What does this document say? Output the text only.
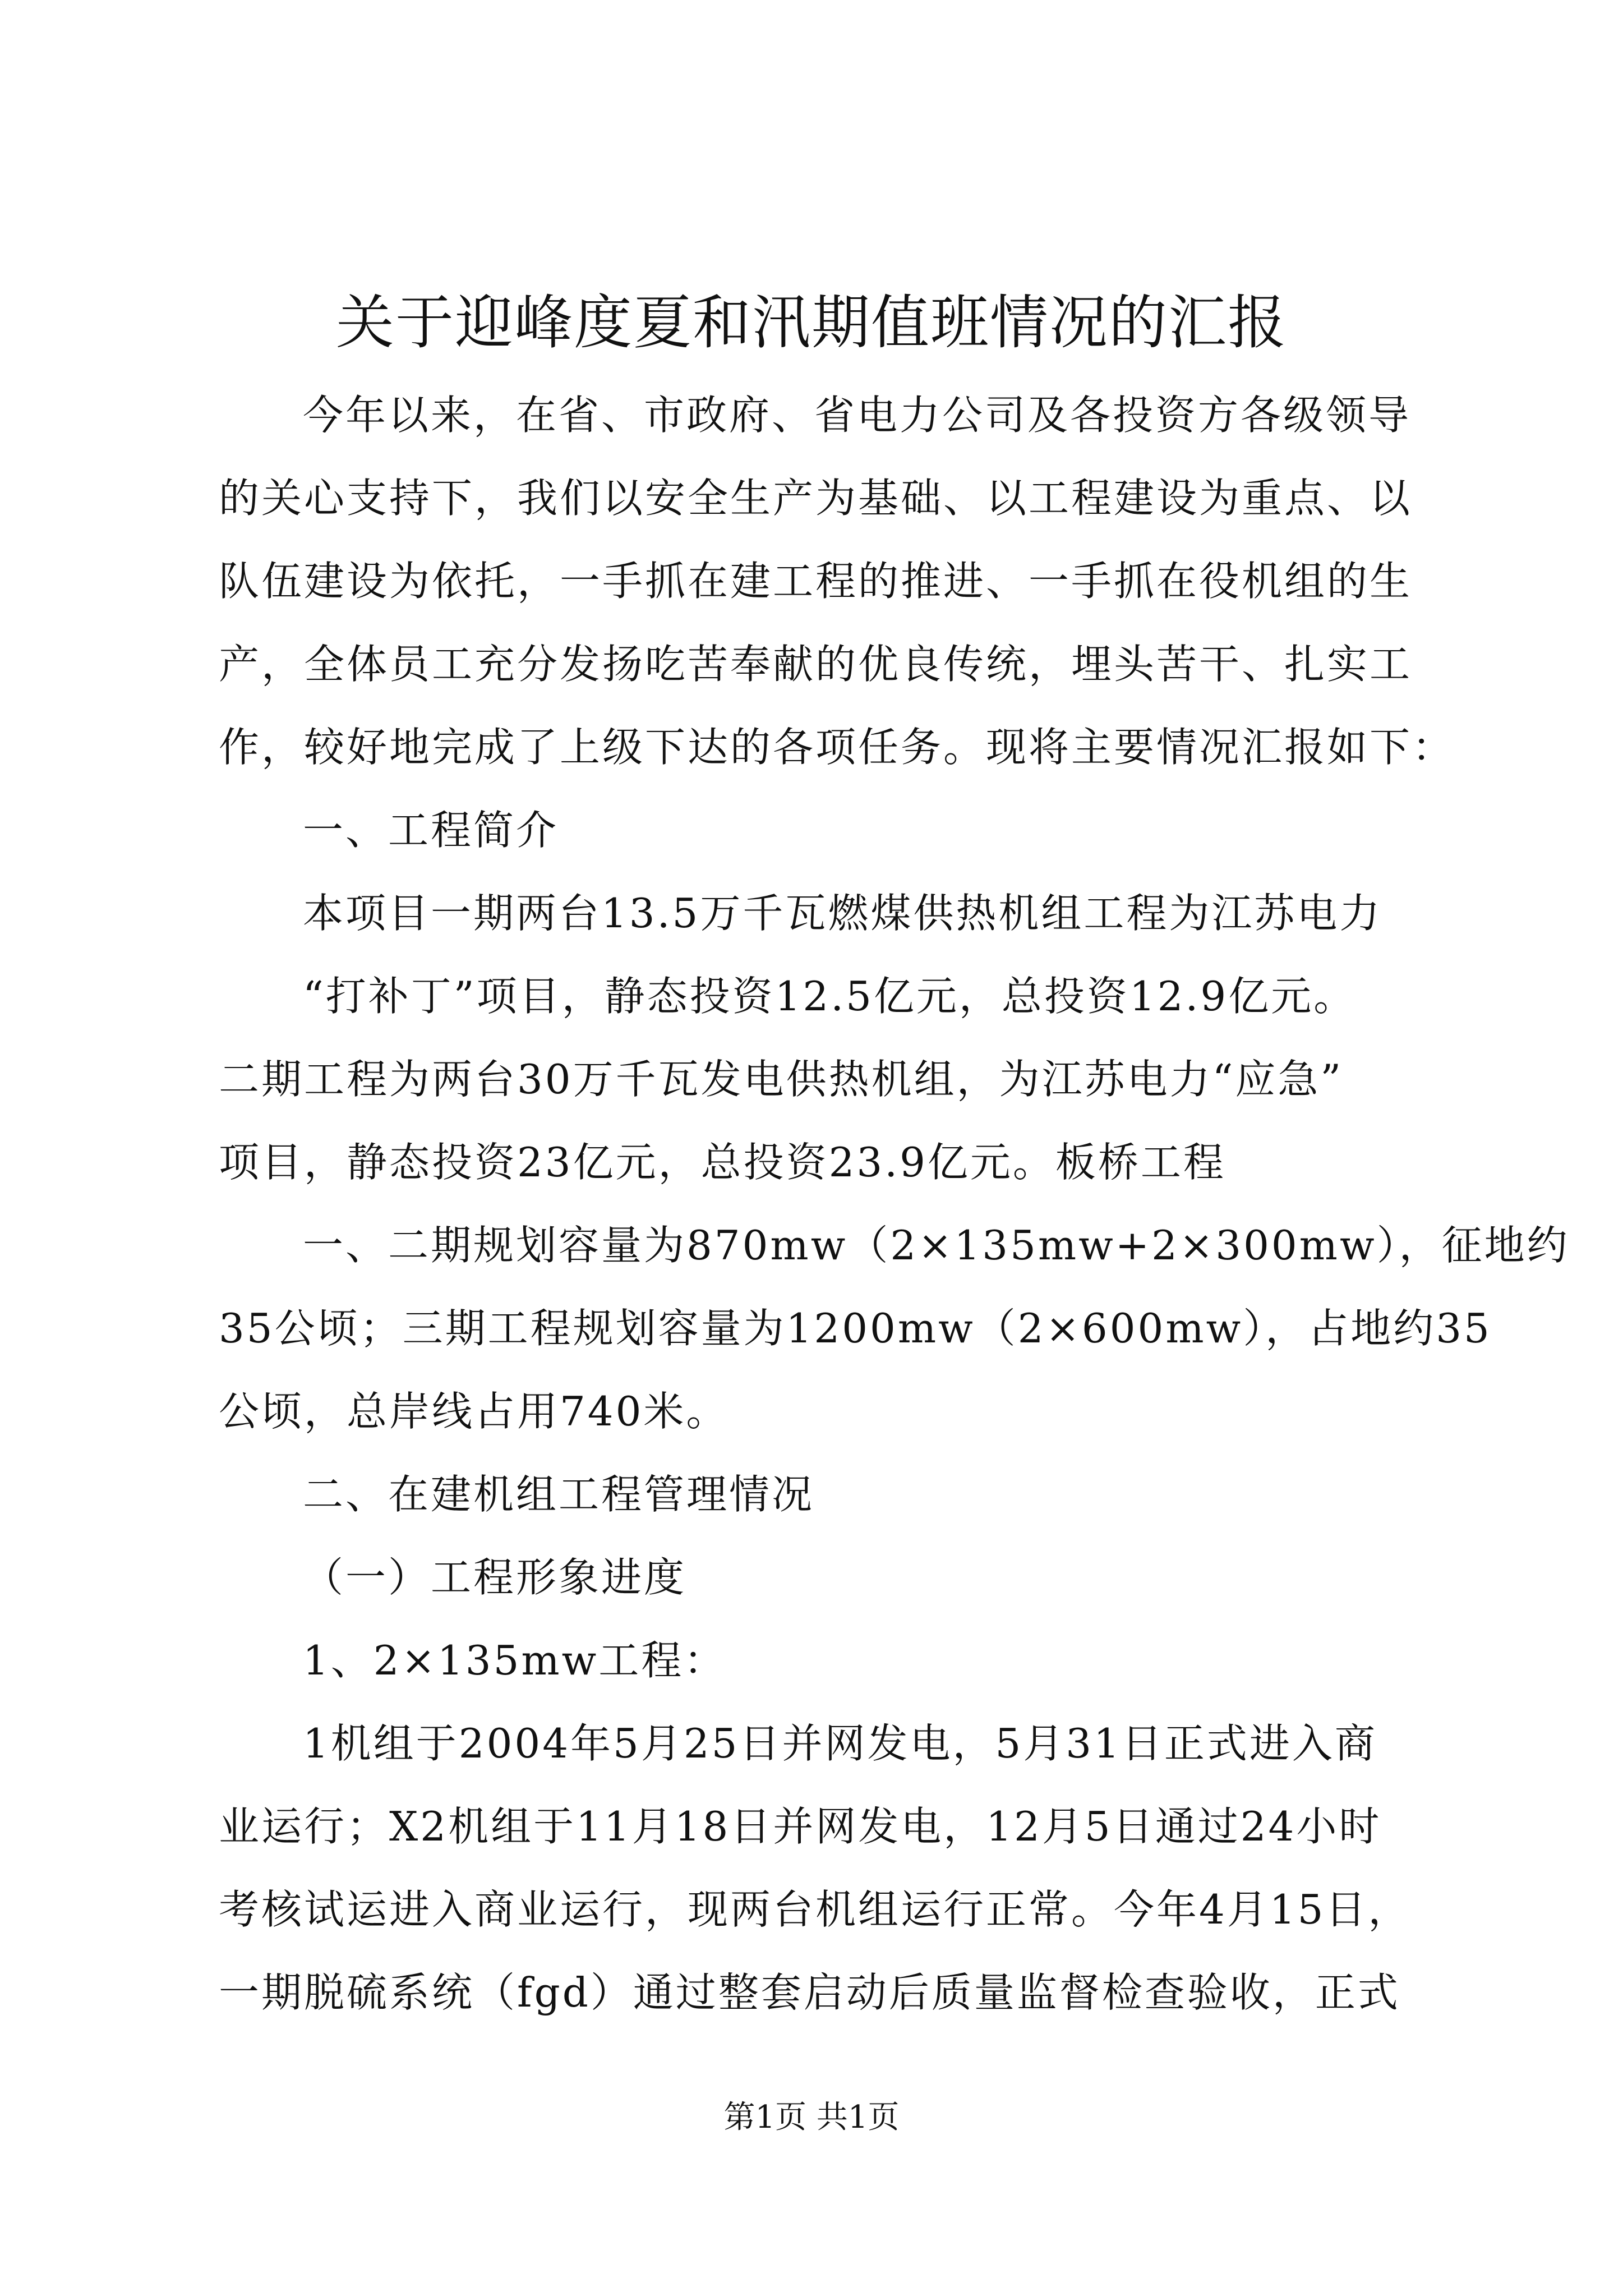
关于迎峰度夏和汛期值班情况的汇报
今年以来，在省、市政府、省电力公司及各投资方各级领导
的关心支持下，我们以安全生产为基础、以工程建设为重点、以
队伍建设为依托，一手抓在建工程的推进、一手抓在役机组的生
产，全体员工充分发扬吃苦奉献的优良传统，埋头苦干、扎实工
作，较好地完成了上级下达的各项任务。现将主要情况汇报如下：
一、工程简介
本项目一期两台13.5万千瓦燃煤供热机组工程为江苏电力
“打补丁”项目，静态投资12.5亿元，总投资12.9亿元。
二期工程为两台30万千瓦发电供热机组，为江苏电力“应急”
项目，静态投资23亿元，总投资23.9亿元。板桥工程
一、二期规划容量为870mw（2×135mw+2×300mw），征地约
35公顷；三期工程规划容量为1200mw（2×600mw），占地约35
公顷，总岸线占用740米。
二、在建机组工程管理情况
（一）工程形象进度
1、2×135mw工程：
1机组于2004年5月25日并网发电，5月31日正式进入商
业运行；X2机组于11月18日并网发电，12月5日通过24小时
考核试运进入商业运行，现两台机组运行正常。今年4月15日，
一期脱硫系统（fgd）通过整套启动后质量监督检查验收，正式
第1页 共1页
